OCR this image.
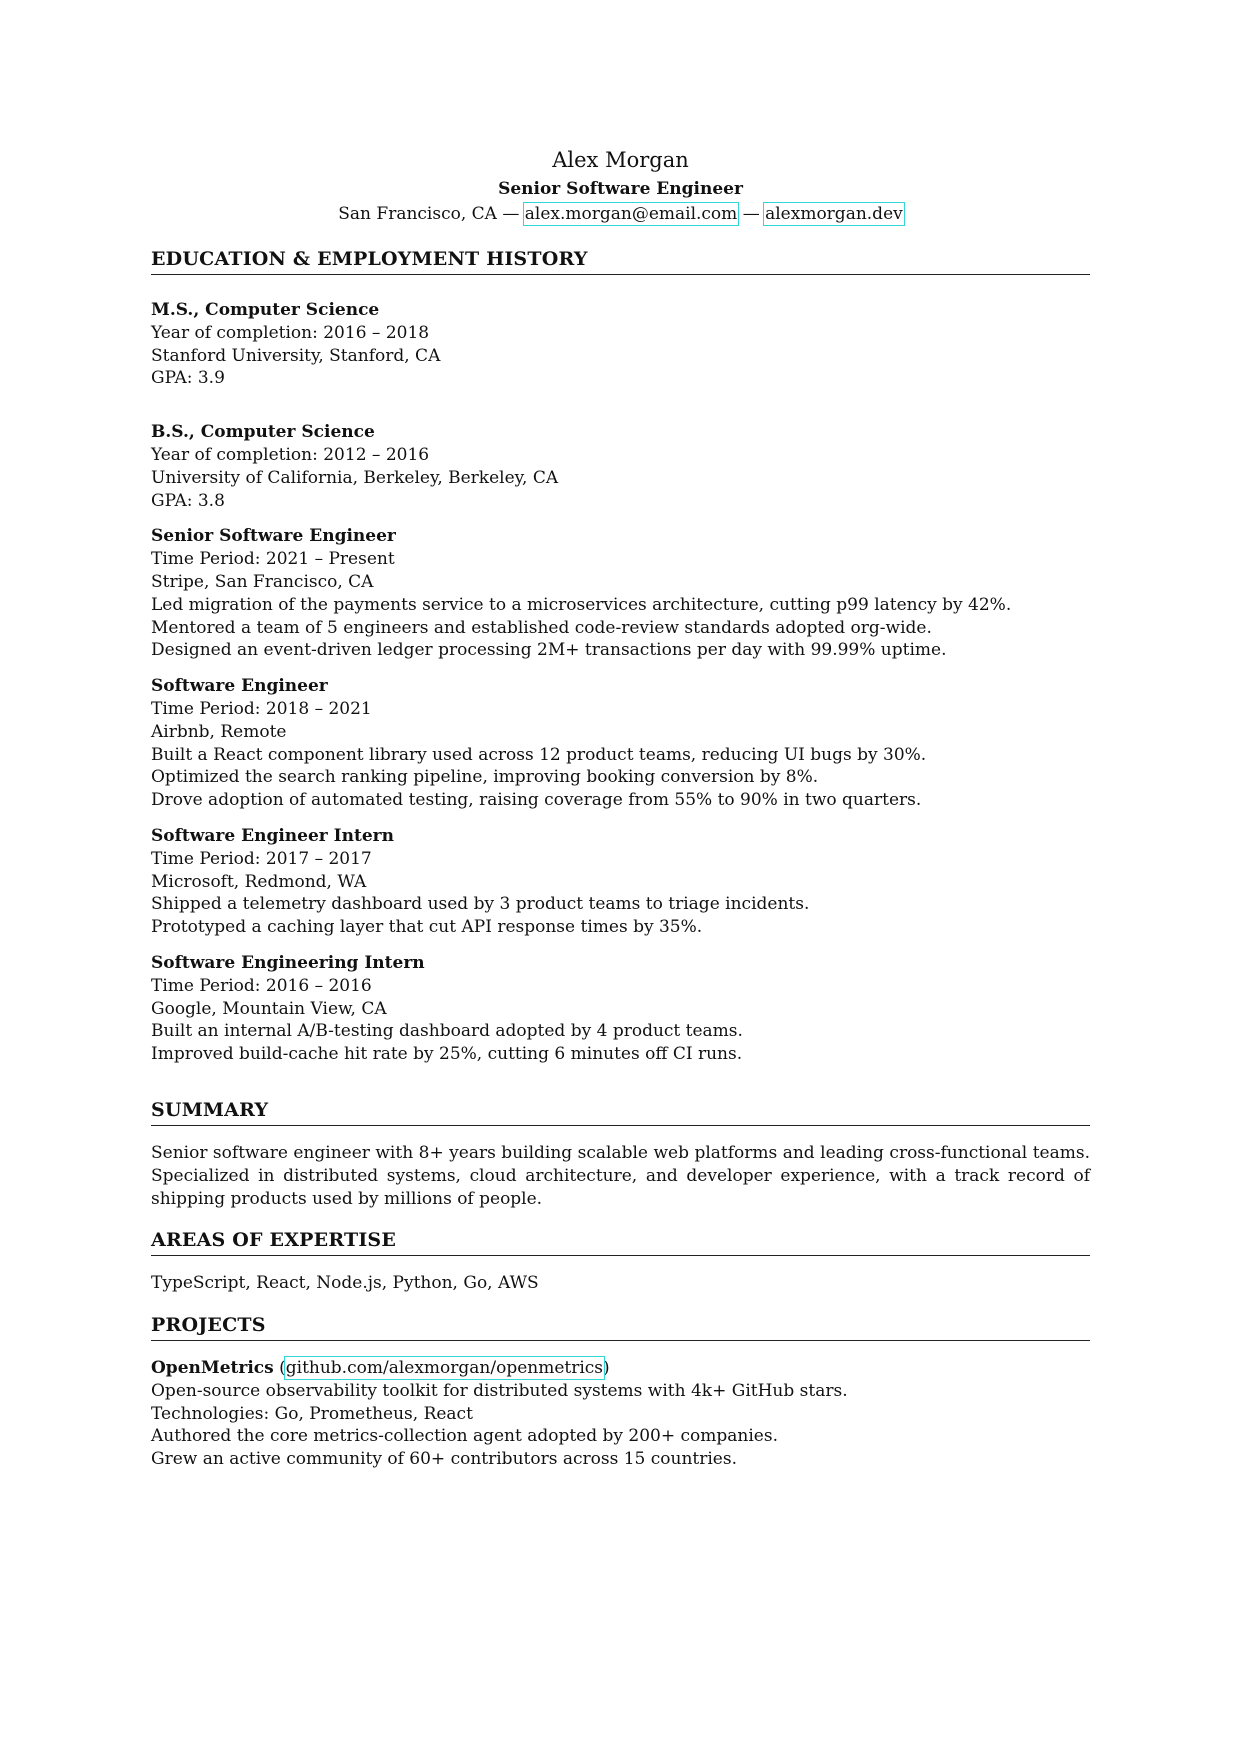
Alex Morgan
Senior Software Engineer
San Francisco, CA — alex.morgan@email.com — alexmorgan.dev
EDUCATION & EMPLOYMENT HISTORY
M.S., Computer Science
Year of completion: 2016 – 2018
Stanford University, Stanford, CA
GPA: 3.9
B.S., Computer Science
Year of completion: 2012 – 2016
University of California, Berkeley, Berkeley, CA
GPA: 3.8
Senior Software Engineer
Time Period: 2021 – Present
Stripe, San Francisco, CA
Led migration of the payments service to a microservices architecture, cutting p99 latency by 42%.
Mentored a team of 5 engineers and established code-review standards adopted org-wide.
Designed an event-driven ledger processing 2M+ transactions per day with 99.99% uptime.
Software Engineer
Time Period: 2018 – 2021
Airbnb, Remote
Built a React component library used across 12 product teams, reducing UI bugs by 30%.
Optimized the search ranking pipeline, improving booking conversion by 8%.
Drove adoption of automated testing, raising coverage from 55% to 90% in two quarters.
Software Engineer Intern
Time Period: 2017 – 2017
Microsoft, Redmond, WA
Shipped a telemetry dashboard used by 3 product teams to triage incidents.
Prototyped a caching layer that cut API response times by 35%.
Software Engineering Intern
Time Period: 2016 – 2016
Google, Mountain View, CA
Built an internal A/B-testing dashboard adopted by 4 product teams.
Improved build-cache hit rate by 25%, cutting 6 minutes off CI runs.
SUMMARY
Senior software engineer with 8+ years building scalable web platforms and leading cross-functional teams. Specialized in distributed systems, cloud architecture, and developer experience, with a track record of shipping products used by millions of people.
AREAS OF EXPERTISE
TypeScript, React, Node.js, Python, Go, AWS
PROJECTS
OpenMetrics (github.com/alexmorgan/openmetrics)
Open-source observability toolkit for distributed systems with 4k+ GitHub stars.
Technologies: Go, Prometheus, React
Authored the core metrics-collection agent adopted by 200+ companies.
Grew an active community of 60+ contributors across 15 countries.
